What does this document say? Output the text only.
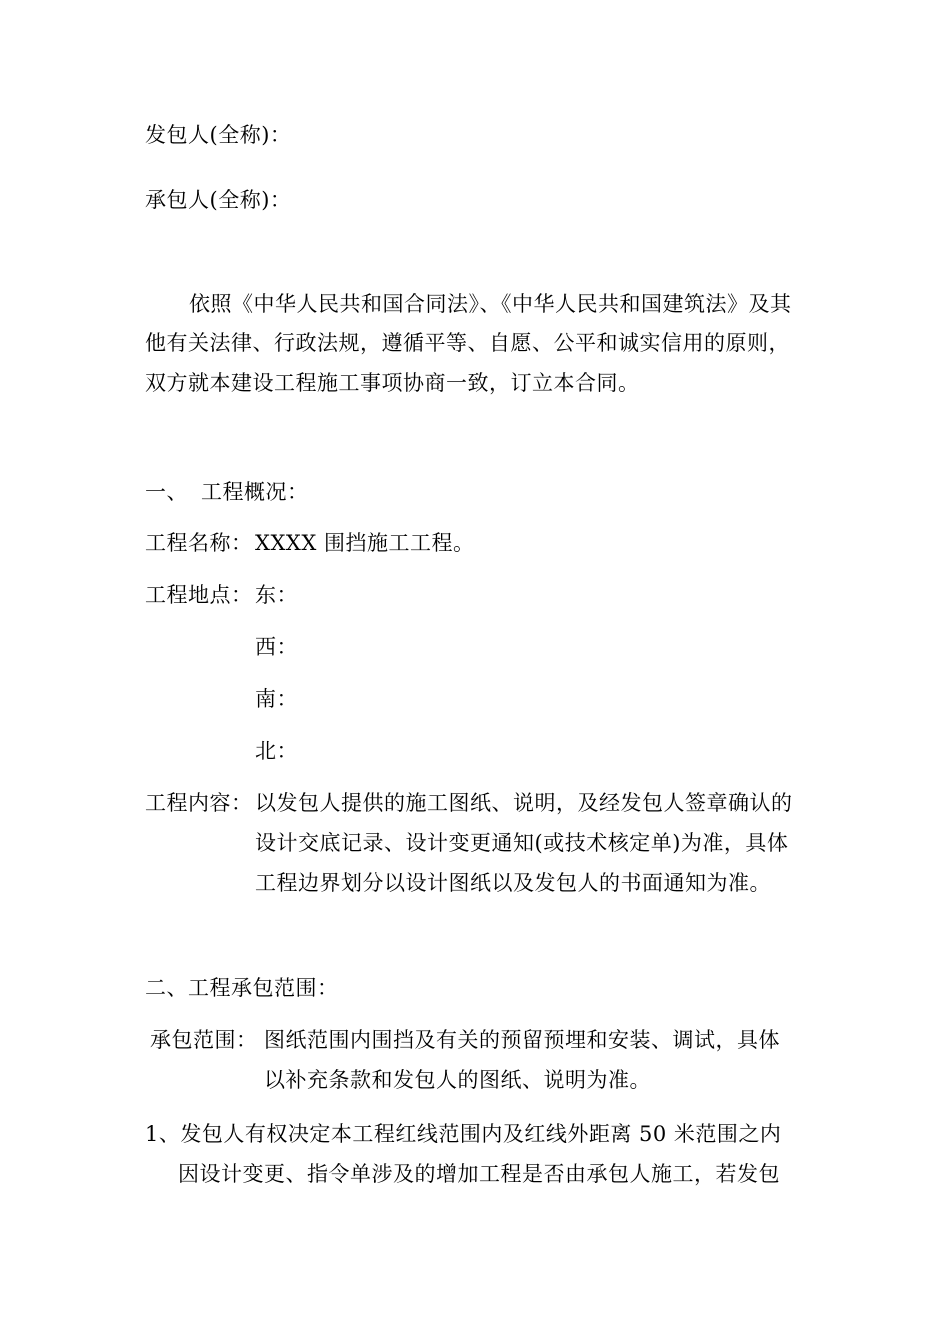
发包人(全称)：
承包人(全称)：
依照《中华人民共和国合同法》、《中华人民共和国建筑法》及其
他有关法律、行政法规，遵循平等、自愿、公平和诚实信用的原则，
双方就本建设工程施工事项协商一致，订立本合同。
一、 工程概况：
工程名称： XXXX 围挡施工工程。
工程地点： 东：
西：
南：
北：
工程内容： 以发包人提供的施工图纸、说明，及经发包人签章确认的
设计交底记录、设计变更通知(或技术核定单)为准，具体
工程边界划分以设计图纸以及发包人的书面通知为准。
二、工程承包范围：
承包范围： 图纸范围内围挡及有关的预留预埋和安装、调试，具体
以补充条款和发包人的图纸、说明为准。
1、发包人有权决定本工程红线范围内及红线外距离 50 米范围之内
因设计变更、指令单涉及的增加工程是否由承包人施工，若发包
